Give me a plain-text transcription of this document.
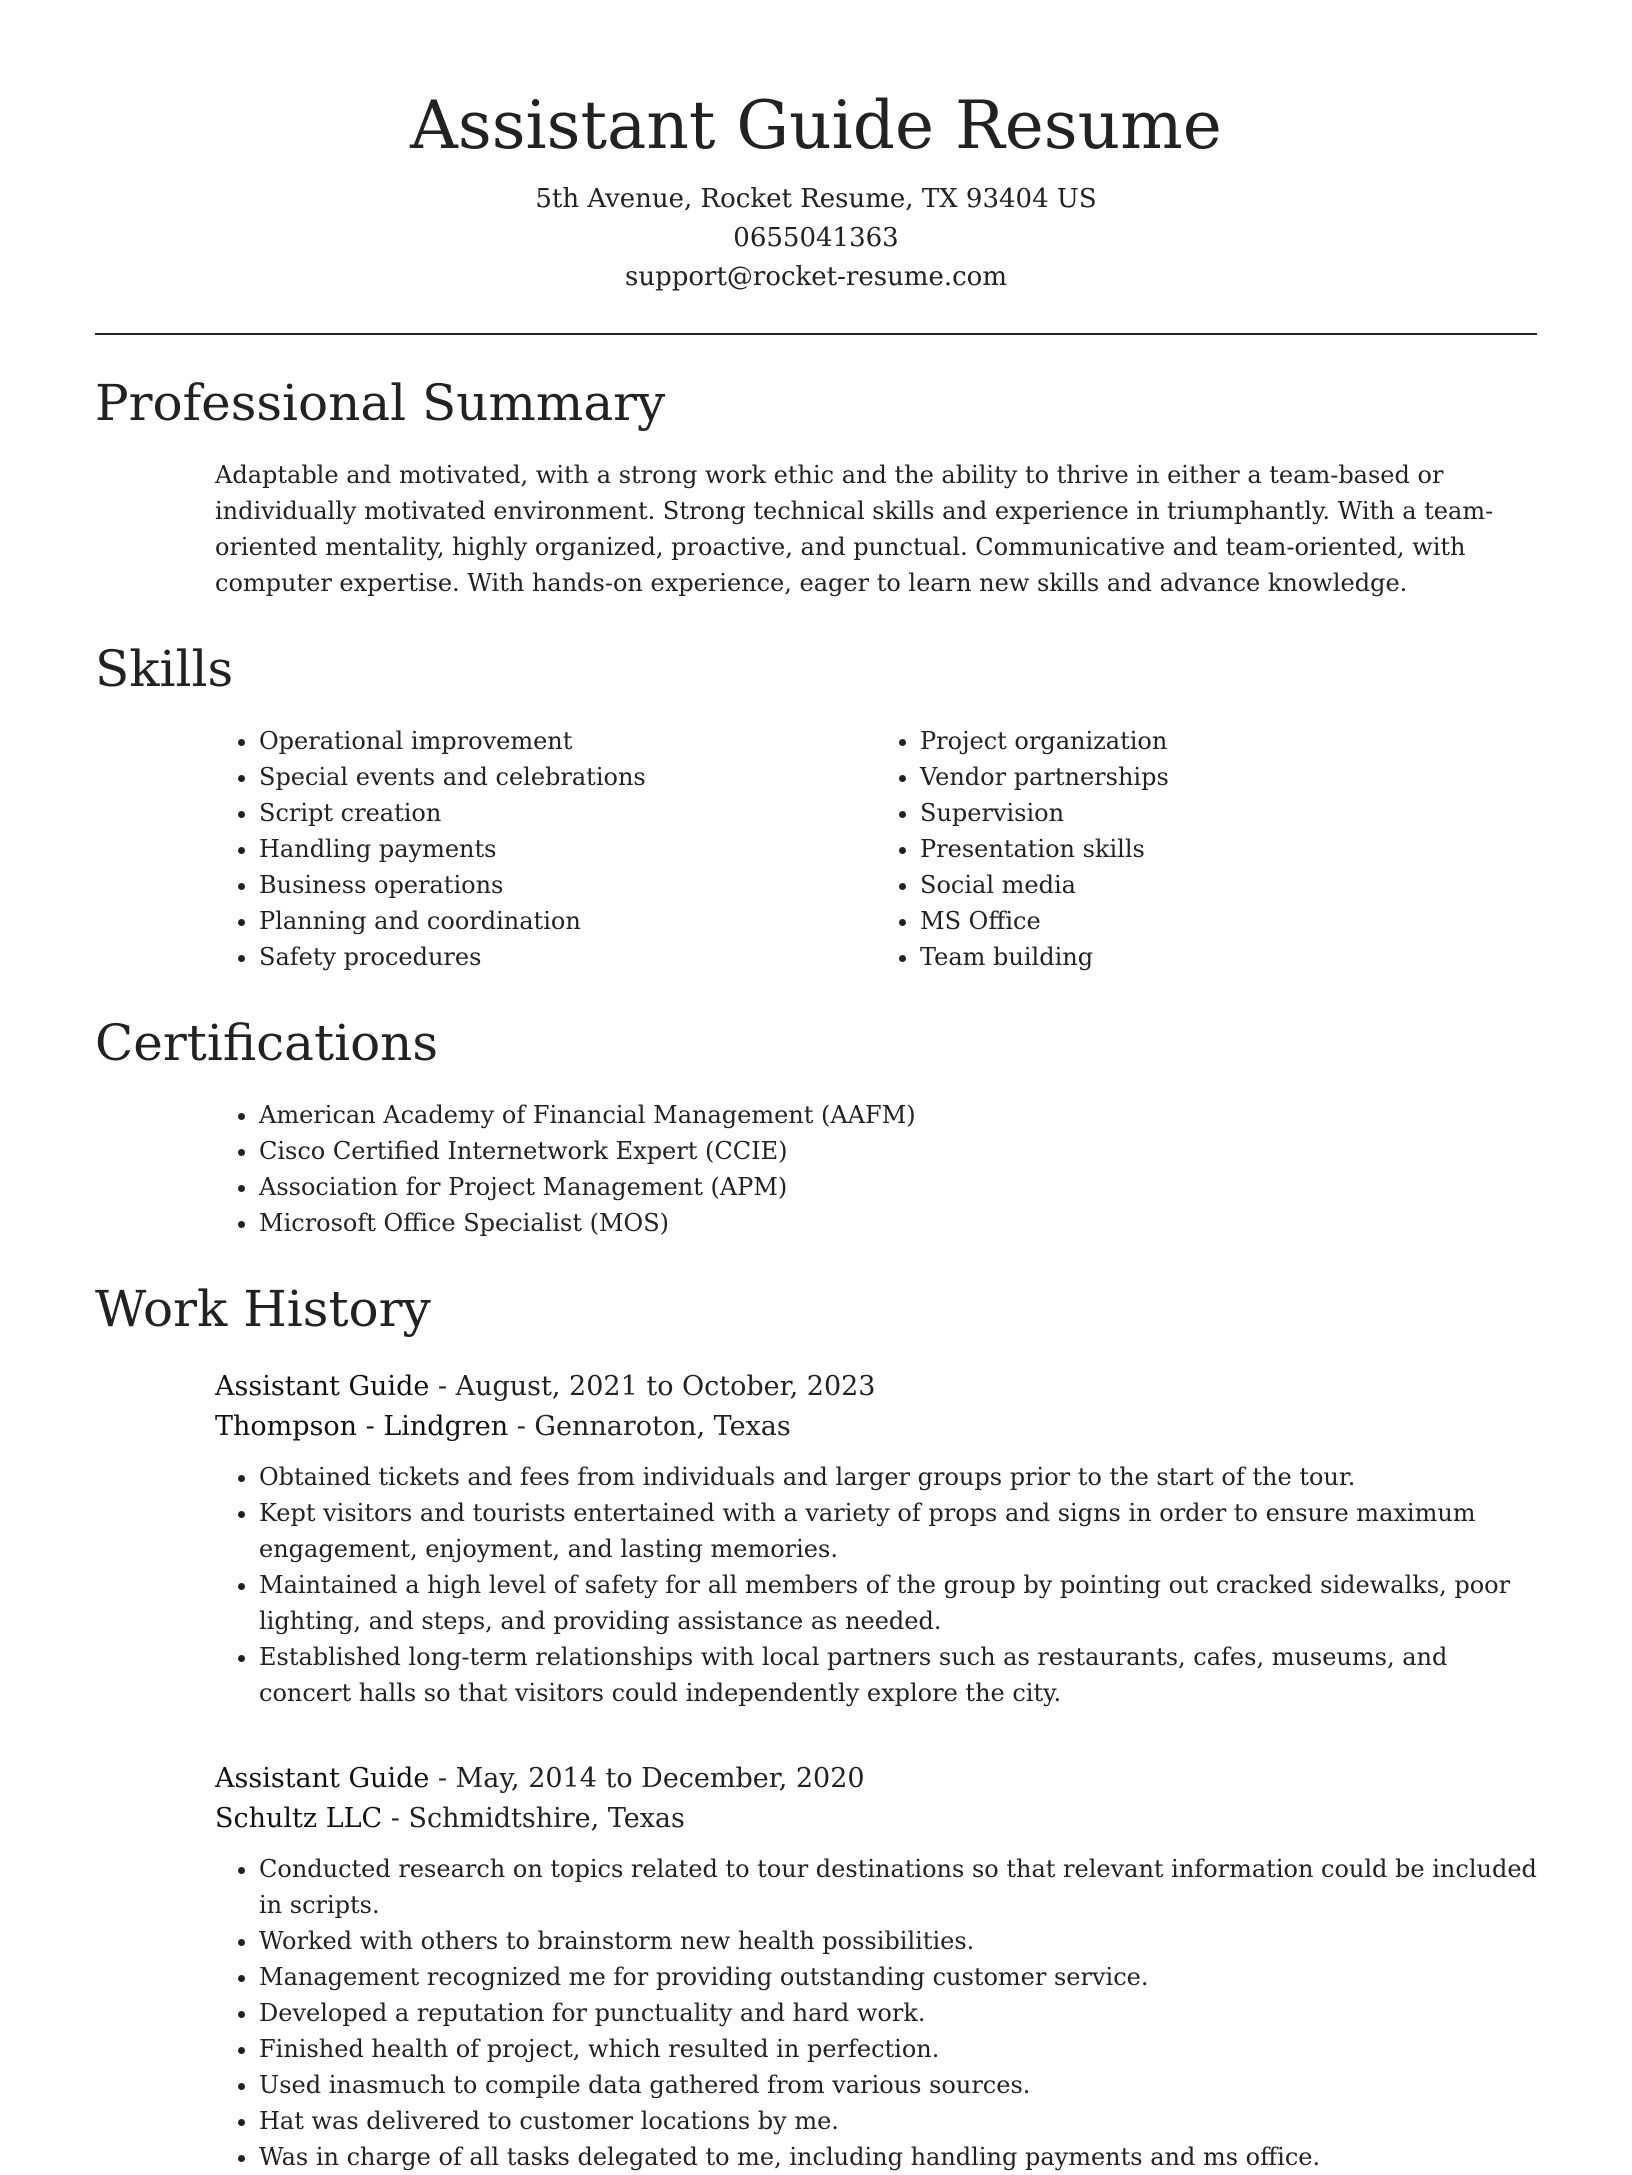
Assistant Guide Resume
5th Avenue, Rocket Resume, TX 93404 US
0655041363
support@rocket-resume.com
Professional Summary

Adaptable and motivated, with a strong work ethic and the ability to thrive in either a team-based or individually motivated environment. Strong technical skills and experience in triumphantly. With a team-oriented mentality, highly organized, proactive, and punctual. Communicative and team-oriented, with computer expertise. With hands-on experience, eager to learn new skills and advance knowledge.

Skills
• Operational improvement
• Special events and celebrations
• Script creation
• Handling payments
• Business operations
• Planning and coordination
• Safety procedures
• Project organization
• Vendor partnerships
• Supervision
• Presentation skills
• Social media
• MS Office
• Team building
Certifications
• American Academy of Financial Management (AAFM)
• Cisco Certified Internetwork Expert (CCIE)
• Association for Project Management (APM)
• Microsoft Office Specialist (MOS)
Work History
Assistant Guide - August, 2021 to October, 2023
Thompson - Lindgren - Gennaroton, Texas
• Obtained tickets and fees from individuals and larger groups prior to the start of the tour.
• Kept visitors and tourists entertained with a variety of props and signs in order to ensure maximum engagement, enjoyment, and lasting memories.
• Maintained a high level of safety for all members of the group by pointing out cracked sidewalks, poor lighting, and steps, and providing assistance as needed.
• Established long-term relationships with local partners such as restaurants, cafes, museums, and concert halls so that visitors could independently explore the city.
Assistant Guide - May, 2014 to December, 2020
Schultz LLC - Schmidtshire, Texas
• Conducted research on topics related to tour destinations so that relevant information could be included in scripts.
• Worked with others to brainstorm new health possibilities.
• Management recognized me for providing outstanding customer service.
• Developed a reputation for punctuality and hard work.
• Finished health of project, which resulted in perfection.
• Used inasmuch to compile data gathered from various sources.
• Hat was delivered to customer locations by me.
• Was in charge of all tasks delegated to me, including handling payments and ms office.
